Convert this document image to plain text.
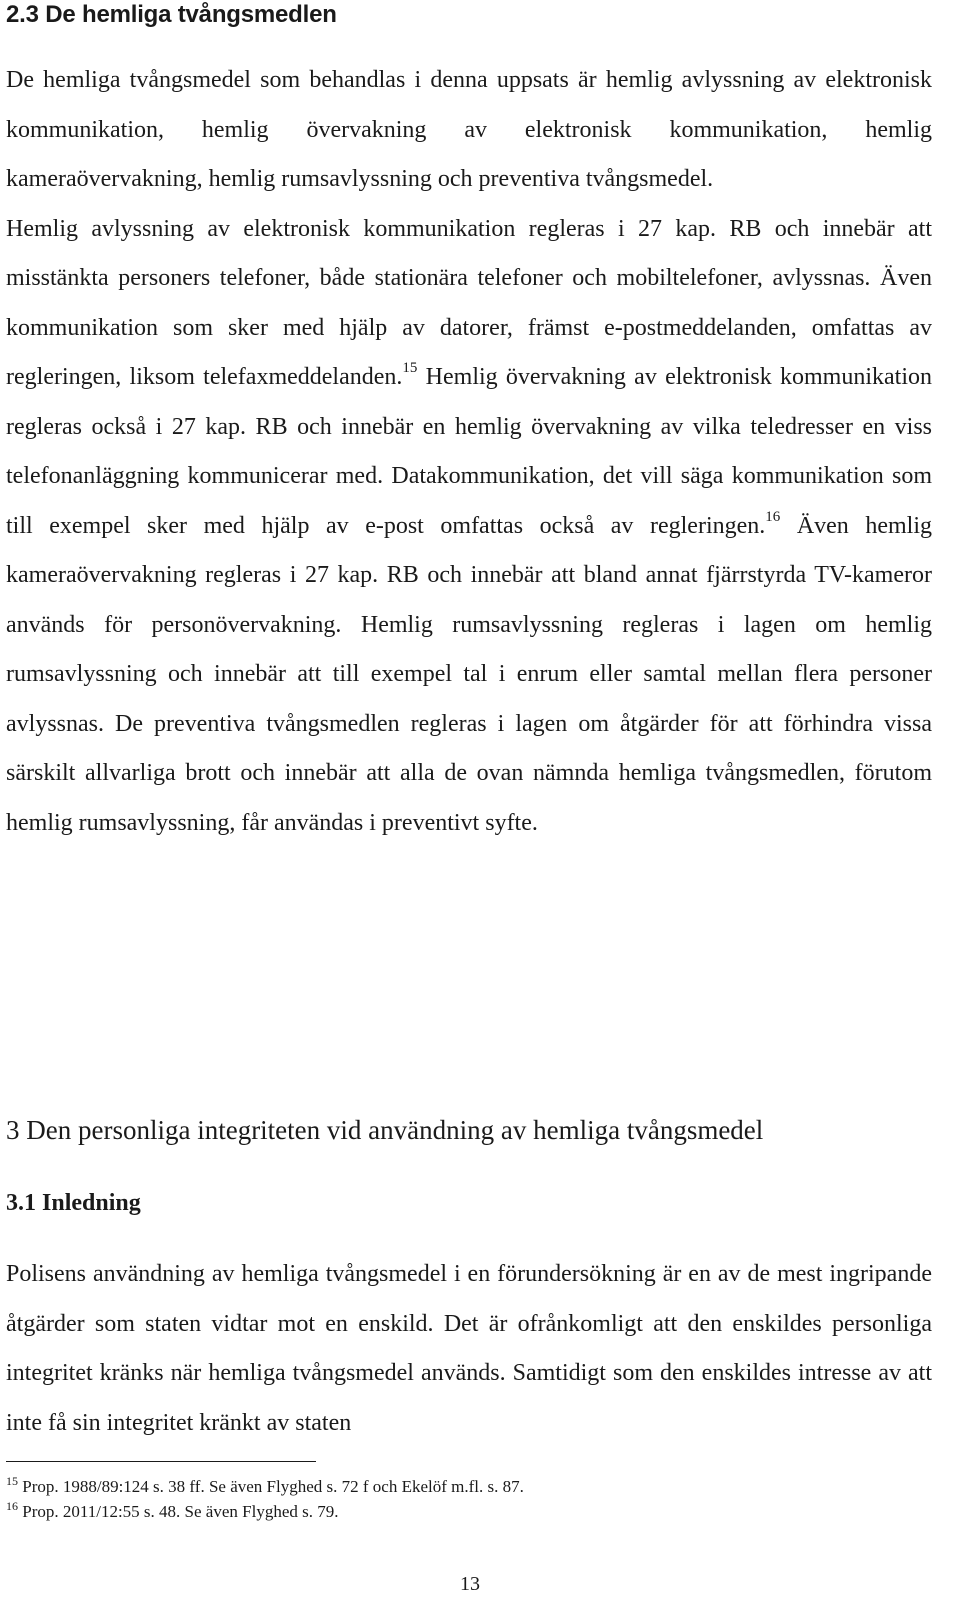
2.3 De hemliga tvångsmedlen

De hemliga tvångsmedel som behandlas i denna uppsats är hemlig avlyssning av elektronisk kommunikation, hemlig övervakning av elektronisk kommunikation, hemlig kameraövervakning, hemlig rumsavlyssning och preventiva tvångsmedel.

Hemlig avlyssning av elektronisk kommunikation regleras i 27 kap. RB och innebär att misstänkta personers telefoner, både stationära telefoner och mobiltelefoner, avlyssnas. Även kommunikation som sker med hjälp av datorer, främst e-postmeddelanden, omfattas av regleringen, liksom telefaxmeddelanden.$^{15}$ Hemlig övervakning av elektronisk kommunikation regleras också i 27 kap. RB och innebär en hemlig övervakning av vilka teledresser en viss telefonanläggning kommunicerar med. Datakommunikation, det vill säga kommunikation som till exempel sker med hjälp av e-post omfattas också av regleringen.$^{16}$ Även hemlig kameraövervakning regleras i 27 kap. RB och innebär att bland annat fjärrstyrda TV-kameror används för personövervakning. Hemlig rumsavlyssning regleras i lagen om hemlig rumsavlyssning och innebär att till exempel tal i enrum eller samtal mellan flera personer avlyssnas. De preventiva tvångsmedlen regleras i lagen om åtgärder för att förhindra vissa särskilt allvarliga brott och innebär att alla de ovan nämnda hemliga tvångsmedlen, förutom hemlig rumsavlyssning, får användas i preventivt syfte.

3 Den personliga integriteten vid användning av hemliga tvångsmedel
3.1 Inledning

Polisens användning av hemliga tvångsmedel i en förundersökning är en av de mest ingripande åtgärder som staten vidtar mot en enskild. Det är ofrånkomligt att den enskildes personliga integritet kränks när hemliga tvångsmedel används. Samtidigt som den enskildes intresse av att inte få sin integritet kränkt av staten

$^{15}$ Prop. 1988/89:124 s. 38 ff. Se även Flyghed s. 72 f och Ekelöf m.fl. s. 87.
$^{16}$ Prop. 2011/12:55 s. 48. Se även Flyghed s. 79.
13
